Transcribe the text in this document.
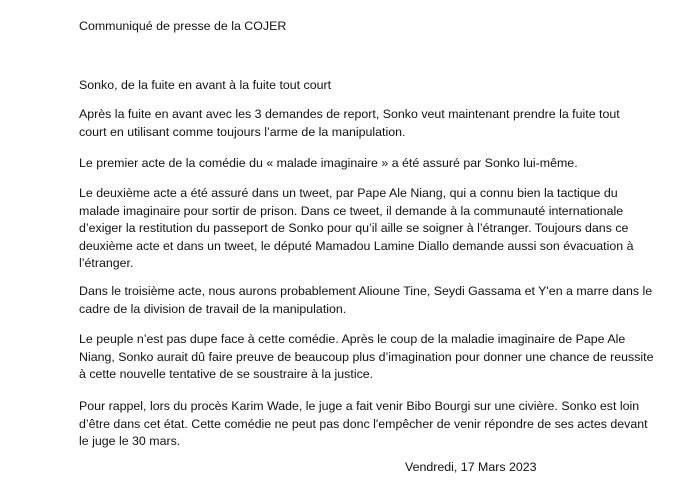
Communiqué de presse de la COJER
Sonko, de la fuite en avant à la fuite tout court
Après la fuite en avant avec les 3 demandes de report, Sonko veut maintenant prendre la fuite tout
court en utilisant comme toujours l’arme de la manipulation.
Le premier acte de la comédie du « malade imaginaire » a été assuré par Sonko lui-même.
Le deuxième acte a été assuré dans un tweet, par Pape Ale Niang, qui a connu bien la tactique du
malade imaginaire pour sortir de prison. Dans ce tweet, il demande à la communauté internationale
d’exiger la restitution du passeport de Sonko pour qu’il aille se soigner à l’étranger. Toujours dans ce
deuxième acte et dans un tweet, le député Mamadou Lamine Diallo demande aussi son évacuation à
l’étranger.
Dans le troisième acte, nous aurons probablement Alioune Tine, Seydi Gassama et Y'en a marre dans le
cadre de la division de travail de la manipulation.
Le peuple n’est pas dupe face à cette comédie. Après le coup de la maladie imaginaire de Pape Ale
Niang, Sonko aurait dû faire preuve de beaucoup plus d’imagination pour donner une chance de reussite
à cette nouvelle tentative de se soustraire à la justice.
Pour rappel, lors du procès Karim Wade, le juge a fait venir Bibo Bourgi sur une civière. Sonko est loin
d’être dans cet état. Cette comédie ne peut pas donc l'empêcher de venir répondre de ses actes devant
le juge le 30 mars.
Vendredi, 17 Mars 2023
